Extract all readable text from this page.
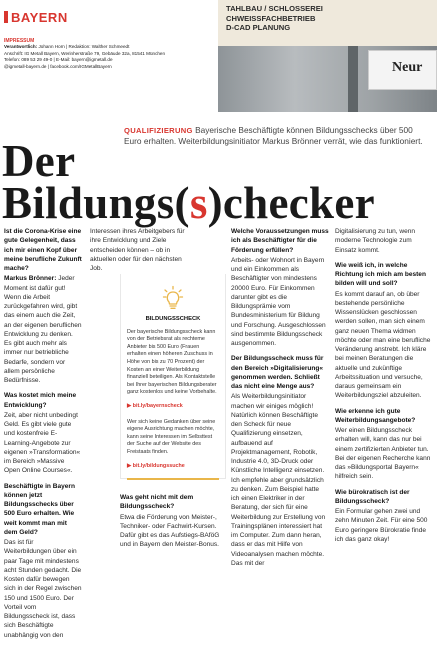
BAYERN
IMPRESSUM
Verantwortlich: Johann Horn | Redaktion: Walther Schmeedt
Anschrift: IG Metall Bayern, Werinherstraße 79, Gebäude 32a, 81541 München
Telefon: 089 53 29 49-0 | E-Mail: bayern@igmetall.de
@igmetall-bayern.de | facebook.com/IGMetallBayern
TAHLBAU / SCHLOSSEREI
CHWEISSFACHBETRIEB
D-CAD PLANUNG
Neur
QUALIFIZIERUNG Bayerische Beschäftigte können Bildungsschecks über 500 Euro erhalten. Weiterbildungsinitiator Markus Brönner verrät, wie das funktioniert.
Der
Bildungs(s)checker
Ist die Corona-Krise eine gute Gelegenheit, dass ich mir einen Kopf über meine berufliche Zukunft mache?
Markus Brönner: Jeder Moment ist dafür gut! Wenn die Arbeit zurückgefahren wird, gibt das einem auch die Zeit, an der eigenen beruflichen Entwicklung zu denken. Es gibt auch mehr als immer nur betriebliche Bedarfe, sondern vor allem persönliche Bedürfnisse.
Was kostet mich meine Entwicklung?
Zeit, aber nicht unbedingt Geld. Es gibt viele gute und kostenfreie E-Learning-Angebote zur eigenen »Transformation« im Bereich »Massive Open Online Courses«.
Beschäftigte in Bayern können jetzt Bildungsschecks über 500 Euro erhalten. Wie weit kommt man mit dem Geld?
Das ist für Weiterbildungen über ein paar Tage mit mindestens acht Stunden gedacht. Die Kosten dafür bewegen sich in der Regel zwischen 150 und 1500 Euro. Der Vorteil vom Bildungsscheck ist, dass sich Beschäftigte unabhängig von den
Interessen ihres Arbeitgebers für ihre Entwicklung und Ziele entscheiden können – ob in aktuellen oder für den nächsten Job.
BILDUNGSSCHECK

Der bayerische Bildungsscheck kann von der Betriebsrat als rechteme Anbieter bis 500 Euro (Frauen erhalten einen höheren Zuschuss in Höhe von bis zu 70 Prozent) der Kosten an einer Weiterbildung finanziell beteiligen. Als Kontaktstelle bei Ihrer bayerischen Bildungsberater ganz kostenlos und keine Vorbehalte.

▶ bit.ly/bayernscheck

Wer sich keine Gedanken über seine eigene Ausrichtung machen möchte, kann seine Interessen im Selbsttest der Suche auf der Website des Freistaats finden.

▶ bit.ly/bildungssuche
Was geht nicht mit dem Bildungsscheck?
Etwa die Förderung von Meister-, Techniker- oder Fachwirt-Kursen. Dafür gibt es das Aufstiegs-BAföG und in Bayern den Meister-Bonus.
Welche Voraussetzungen muss ich als Beschäftigter für die Förderung erfüllen?
Arbeits- oder Wohnort in Bayern und ein Einkommen als Beschäftigter von mindestens 20000 Euro. Für Einkommen darunter gibt es die Bildungsprämie vom Bundesministerium für Bildung und Forschung. Ausgeschlossen sind bestimmte Bildungsscheck ausgenommen.
Der Bildungsscheck muss für den Bereich »Digitalisierung« genommen werden. Schließt das nicht eine Menge aus?
Als Weiterbildungsinitiator machen wir einiges möglich! Natürlich können Beschäftigte den Scheck für neue Qualifizierung einsetzen, aufbauend auf Projektmanagement, Robotik, Industrie 4.0, 3D-Druck oder Künstliche Intelligenz einsetzen. Ich empfehle aber grundsätzlich zu denken. Zum Beispiel hatte ich einen Elektriker in der Beratung, der sich für eine Weiterbildung zur Erstellung von Trainingsplänen interessiert hat im Computer. Zum dann heran, dass er das mit Hilfe von Videoanalysen machen möchte. Das mit der
Digitalisierung zu tun, wenn moderne Technologie zum Einsatz kommt.
Wie weiß ich, in welche Richtung ich mich am besten bilden will und soll?
Es kommt darauf an, ob über bestehende persönliche Wissenslücken geschlossen werden sollen, man sich einem ganz neuen Thema widmen möchte oder man eine berufliche Veränderung anstrebt. Ich kläre bei meinen Beratungen die aktuelle und zukünftige Arbeitssituation und versuche, daraus gemeinsam ein Weiterbildungsziel abzuleiten.
Wie erkenne ich gute Weiterbildungsangebote?
Wer einen Bildungsscheck erhalten will, kann das nur bei einem zertifizierten Anbieter tun. Bei der eigenen Recherche kann das »Bildungsportal Bayern« hilfreich sein.
Wie bürokratisch ist der Bildungsscheck?
Ein Formular gehen zwei und zehn Minuten Zeit. Für eine 500 Euro geringere Bürokratie finde ich das ganz okay!
